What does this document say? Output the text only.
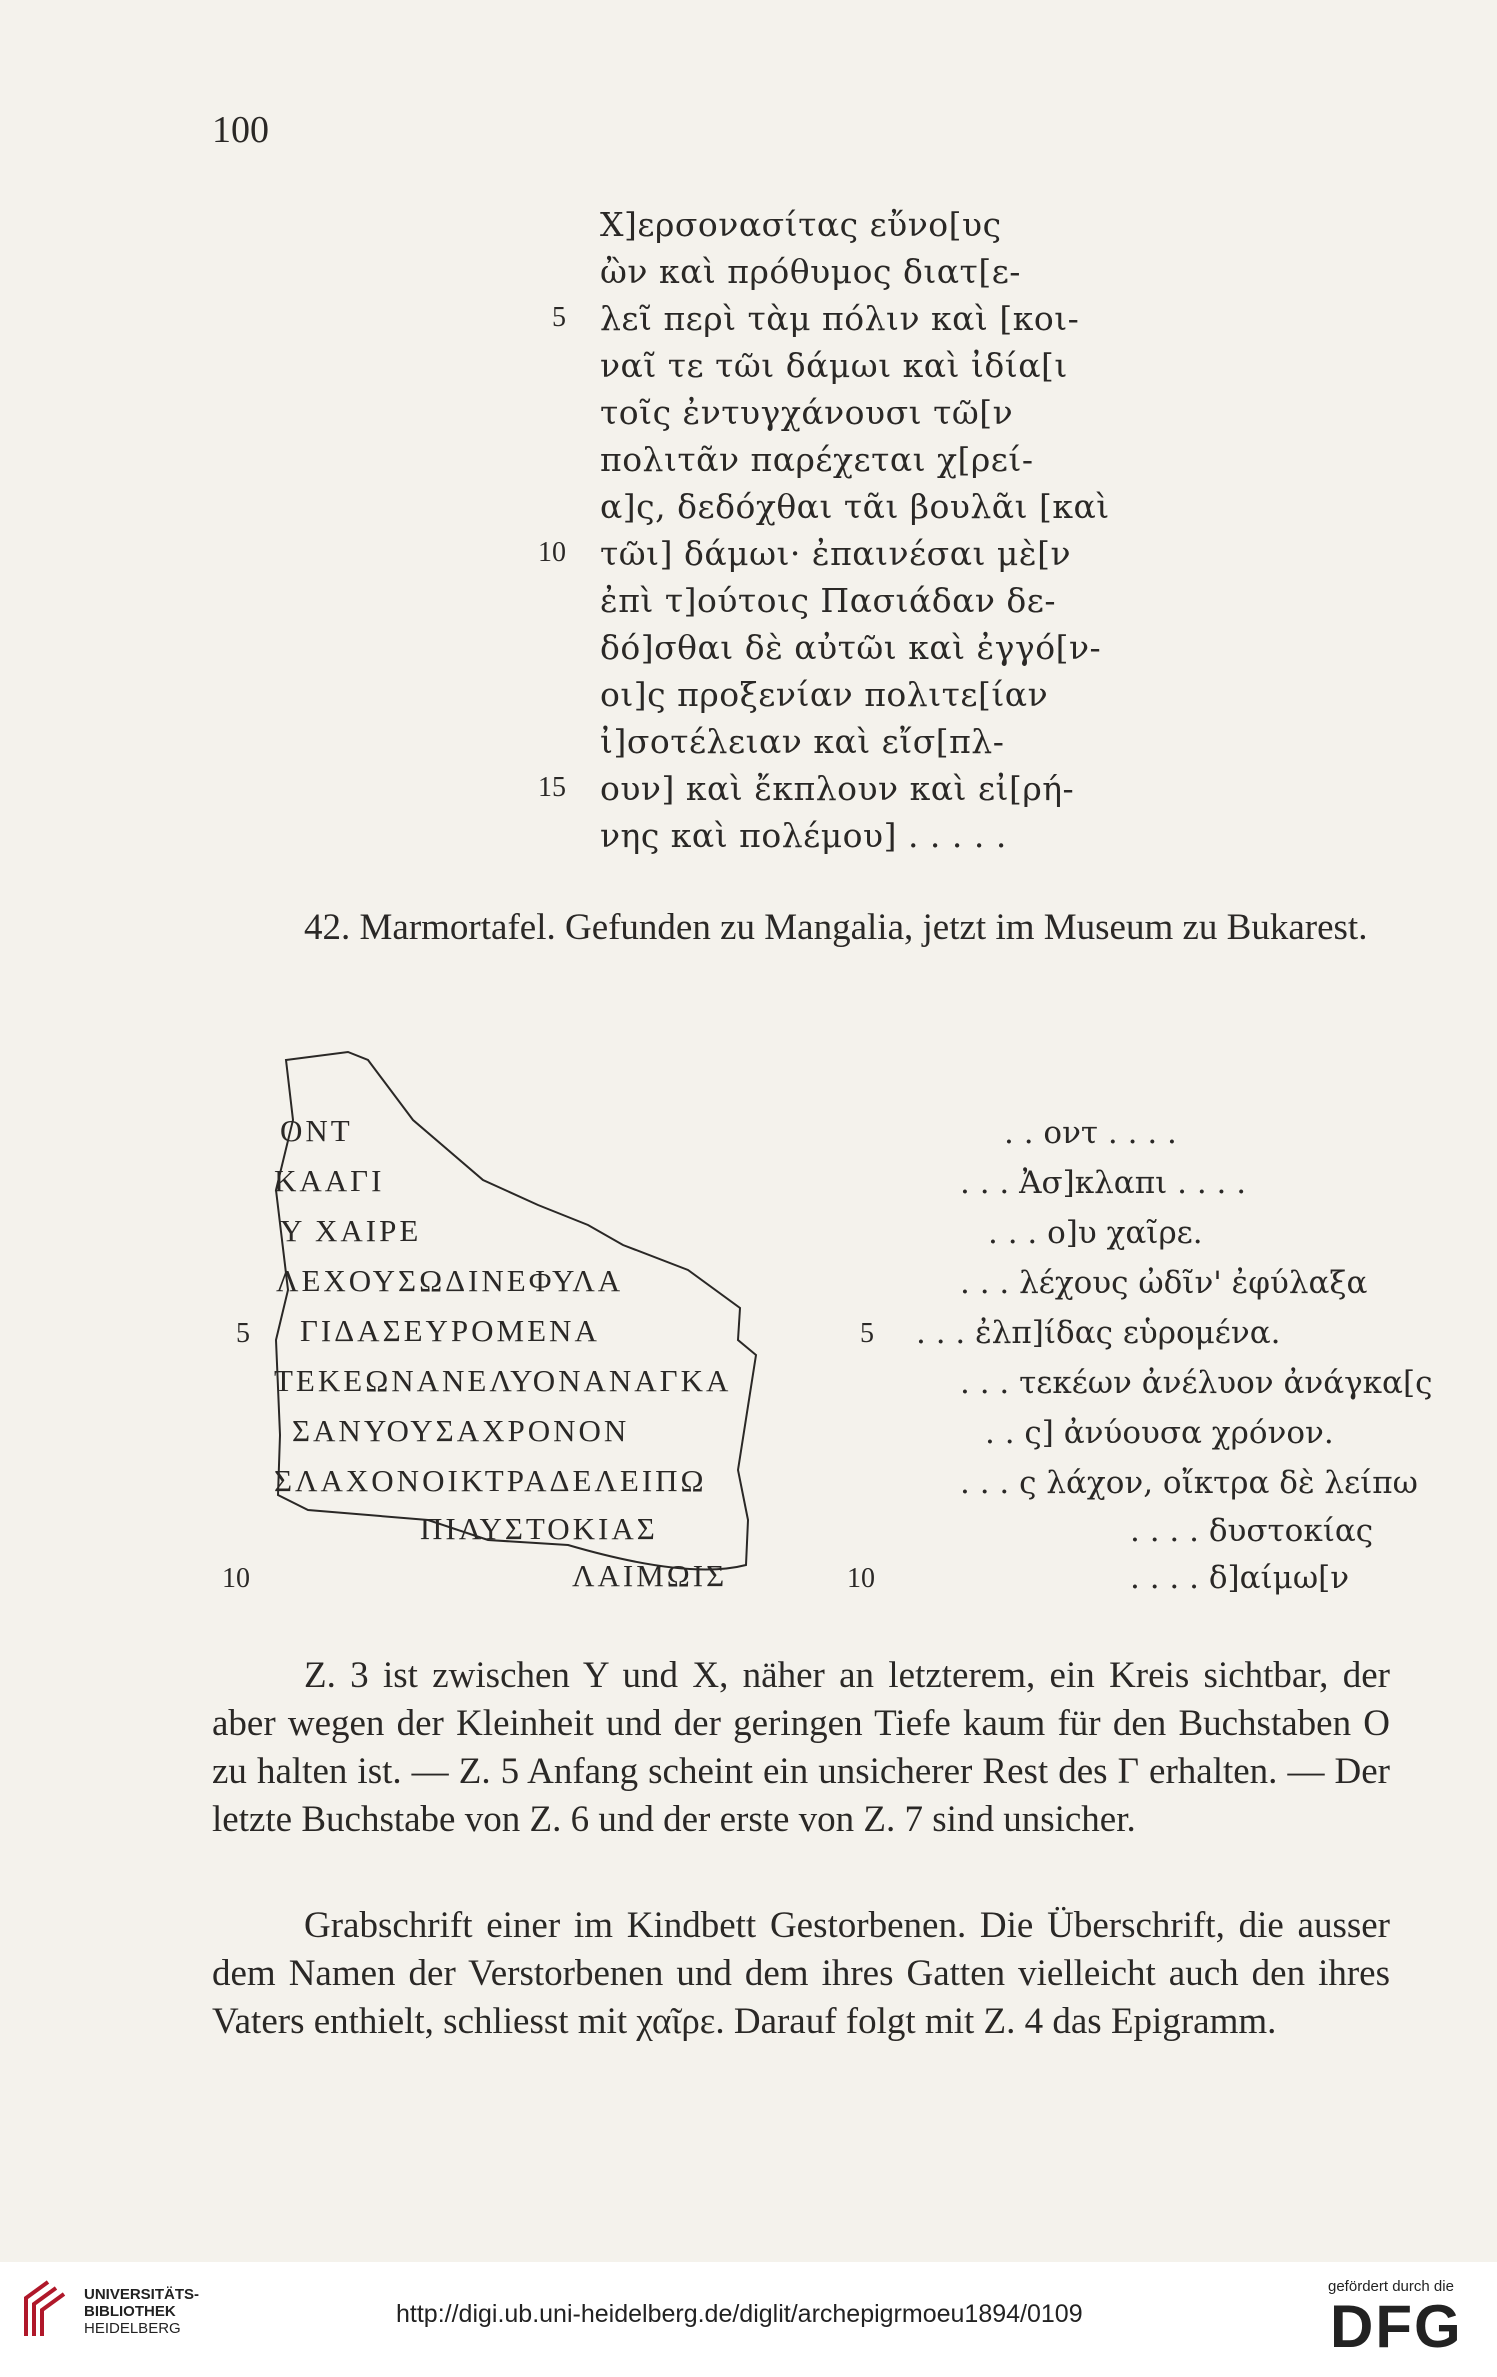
100
Χ]ερσονασίτας εὔνο[υς
ὢν καὶ πρόθυμος διατ[ε-
λεῖ περὶ τὰμ πόλιν καὶ [κοι-
ναῖ τε τῶι δάμωι καὶ ἰδία[ι
τοῖς ἐντυγχάνουσι τῶ[ν
πολιτᾶν παρέχεται χ[ρεί-
α]ς, δεδόχθαι τᾶι βουλᾶι [καὶ
τῶι] δάμωι· ἐπαινέσαι μὲ[ν
ἐπὶ τ]ούτοις Πασιάδαν δε-
δό]σθαι δὲ αὐτῶι καὶ ἐγγό[ν-
οι]ς προξενίαν πολιτε[ίαν
ἰ]σοτέλειαν καὶ εἴσ[πλ-
ουν] καὶ ἔκπλουν καὶ εἰ[ρή-
νης καὶ πολέμου] . . . . .
5
10
15
42. Marmortafel. Gefunden zu Mangalia, jetzt im Museum zu Bukarest.
ΟΝΤ
ΚΑΑΓΙ
Υ ΧΑΙΡΕ
ΛΕΧΟΥΣΩΔΙΝΕΦΥΛΑ
ΓΙΔΑΣΕΥΡΟΜΕΝΑ
ΤΕΚΕΩΝΑΝΕΛΥΟΝΑΝΑΓΚΑ
ΣΑΝΥΟΥΣΑΧΡΟΝΟΝ
ΣΛΑΧΟΝΟΙΚΤΡΑΔΕΛΕΙΠΩ
ΠΙΛΥΣΤΟΚΙΑΣ
ΛΑΙΜΩΙΣ
5
10
. . οντ . . . .
. . . Ἀσ]κλαπι . . . .
. . . ο]υ χαῖρε.
. . . λέχους ὠδῖν' ἐφύλαξα
. . . ἐλπ]ίδας εὑρομένα.
. . . τεκέων ἀνέλυον ἀνάγκα[ς
. . ς] ἀνύουσα χρόνον.
. . . ς λάχον, οἴκτρα δὲ λείπω
. . . . δυστοκίας
. . . . δ]αίμω[ν
5
10
Z. 3 ist zwischen Y und X, näher an letzterem, ein Kreis sichtbar, der aber wegen der Kleinheit und der geringen Tiefe kaum für den Buchstaben O zu halten ist. — Z. 5 Anfang scheint ein unsicherer Rest des Γ erhalten. — Der letzte Buchstabe von Z. 6 und der erste von Z. 7 sind unsicher.
Grabschrift einer im Kindbett Gestorbenen. Die Überschrift, die ausser dem Namen der Verstorbenen und dem ihres Gatten vielleicht auch den ihres Vaters enthielt, schliesst mit χαῖρε. Darauf folgt mit Z. 4 das Epigramm.
UNIVERSITÄTS-
BIBLIOTHEK
HEIDELBERG
http://digi.ub.uni-heidelberg.de/diglit/archepigrmoeu1894/0109
gefördert durch die
DFG
